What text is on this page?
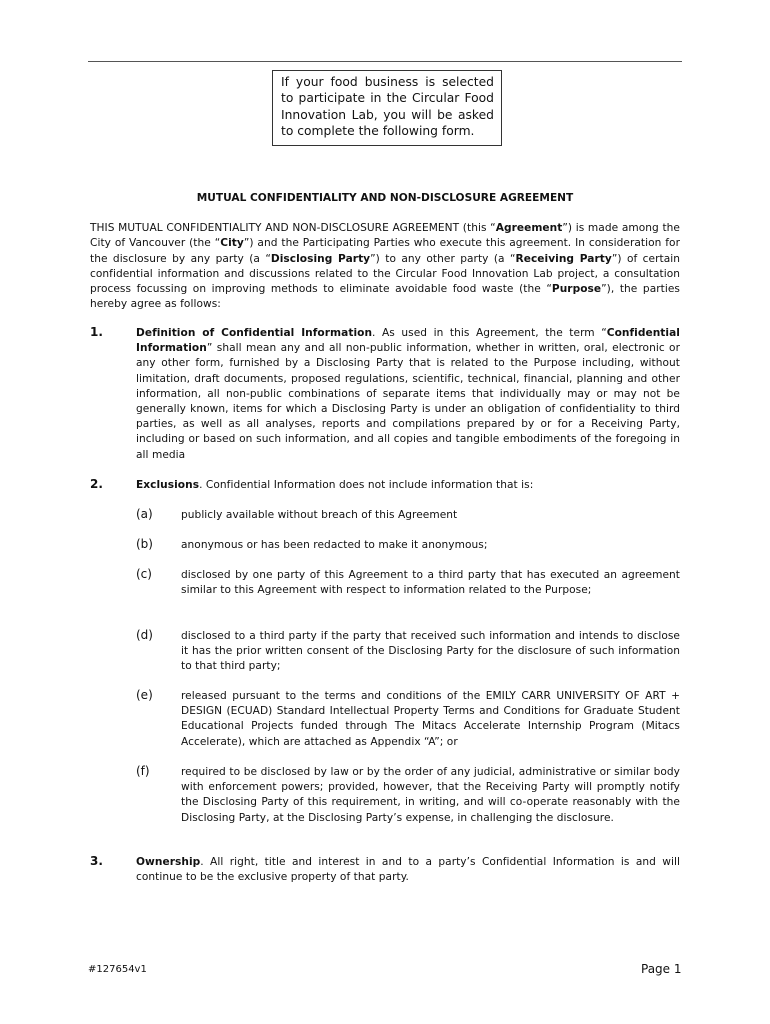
If your food business is selected to participate in the Circular Food Innovation Lab, you will be asked to complete the following form.
MUTUAL CONFIDENTIALITY AND NON-DISCLOSURE AGREEMENT
THIS MUTUAL CONFIDENTIALITY AND NON-DISCLOSURE AGREEMENT (this “Agreement”) is made among the City of Vancouver (the “City”) and the Participating Parties who execute this agreement. In consideration for the disclosure by any party (a “Disclosing Party”) to any other party (a “Receiving Party”) of certain confidential information and discussions related to the Circular Food Innovation Lab project, a consultation process focussing on improving methods to eliminate avoidable food waste (the “Purpose”), the parties hereby agree as follows:
1.	Definition of Confidential Information. As used in this Agreement, the term “Confidential Information” shall mean any and all non-public information, whether in written, oral, electronic or any other form, furnished by a Disclosing Party that is related to the Purpose including, without limitation, draft documents, proposed regulations, scientific, technical, financial, planning and other information, all non-public combinations of separate items that individually may or may not be generally known, items for which a Disclosing Party is under an obligation of confidentiality to third parties, as well as all analyses, reports and compilations prepared by or for a Receiving Party, including or based on such information, and all copies and tangible embodiments of the foregoing in all media
2.	Exclusions. Confidential Information does not include information that is:
(a)	publicly available without breach of this Agreement
(b)	anonymous or has been redacted to make it anonymous;
(c)	disclosed by one party of this Agreement to a third party that has executed an agreement similar to this Agreement with respect to information related to the Purpose;
(d)	disclosed to a third party if the party that received such information and intends to disclose it has the prior written consent of the Disclosing Party for the disclosure of such information to that third party;
(e)	released pursuant to the terms and conditions of the EMILY CARR UNIVERSITY OF ART + DESIGN (ECUAD) Standard Intellectual Property Terms and Conditions for Graduate Student Educational Projects funded through The Mitacs Accelerate Internship Program (Mitacs Accelerate), which are attached as Appendix “A”; or
(f)	required to be disclosed by law or by the order of any judicial, administrative or similar body with enforcement powers; provided, however, that the Receiving Party will promptly notify the Disclosing Party of this requirement, in writing, and will co-operate reasonably with the Disclosing Party, at the Disclosing Party’s expense, in challenging the disclosure.
3.	Ownership. All right, title and interest in and to a party’s Confidential Information is and will continue to be the exclusive property of that party.
#127654v1	Page 1
